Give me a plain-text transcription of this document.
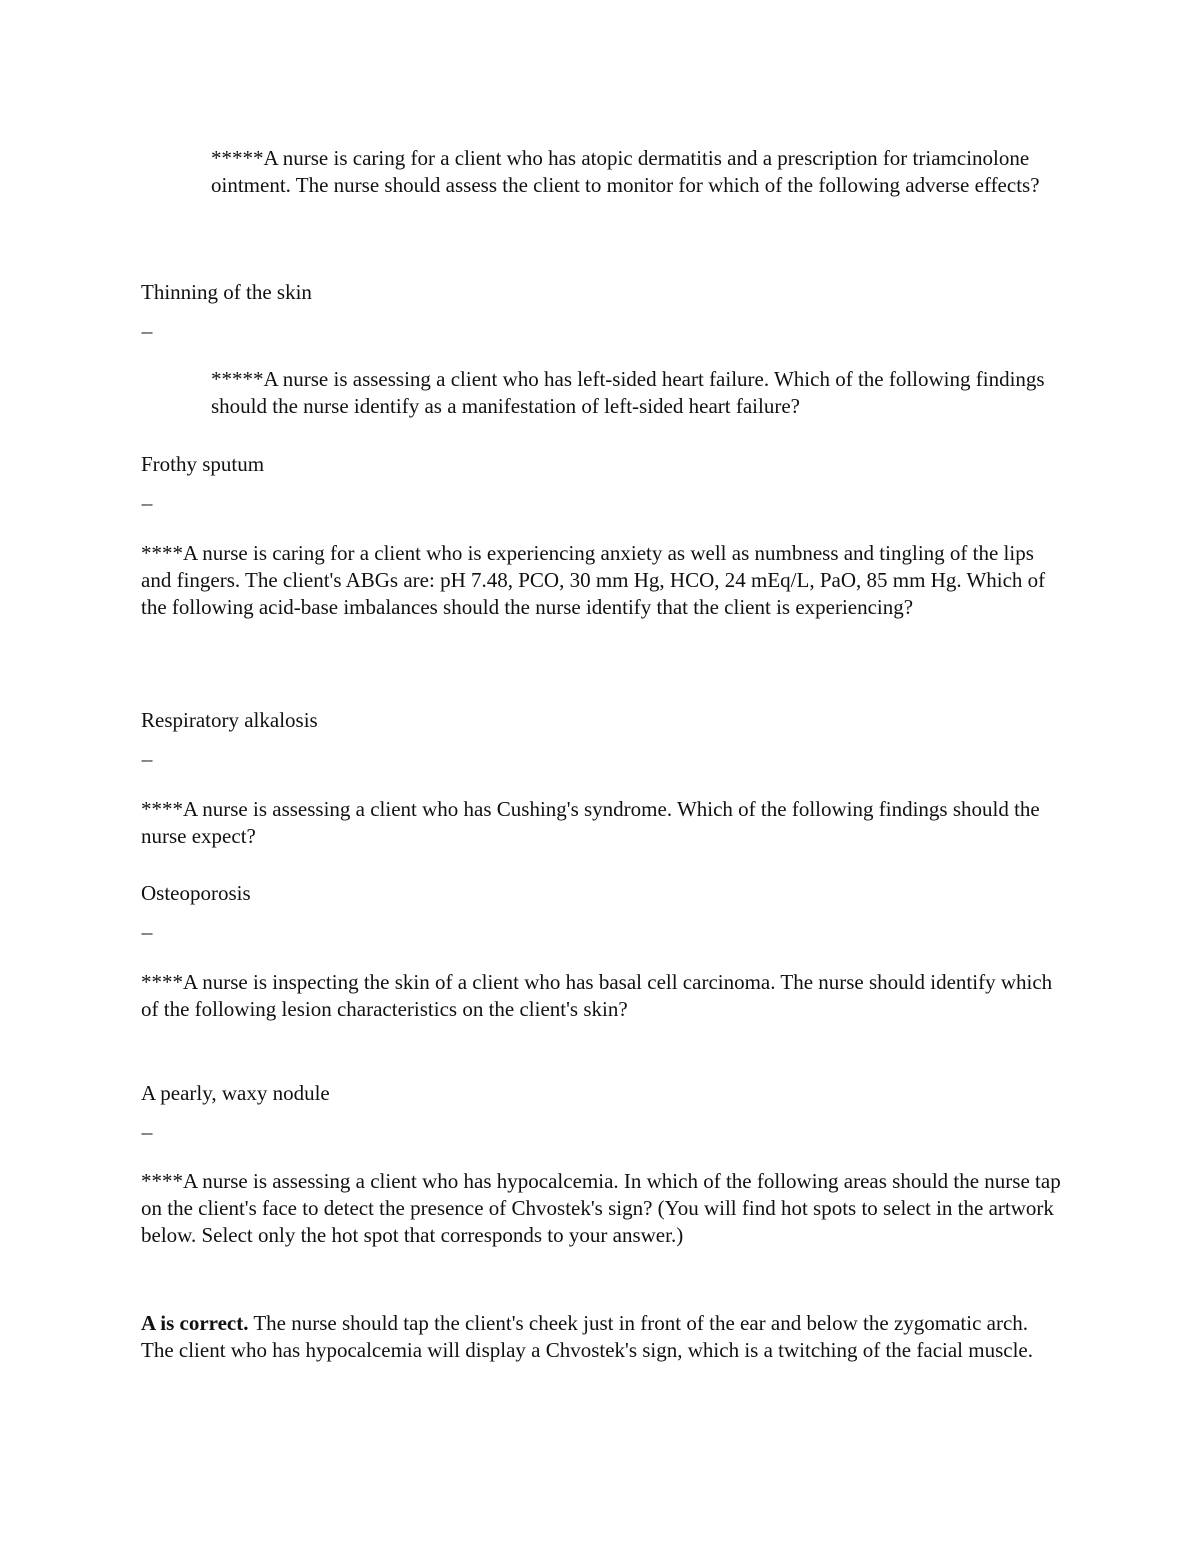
*****A nurse is caring for a client who has atopic dermatitis and a prescription for triamcinolone ointment. The nurse should assess the client to monitor for which of the following adverse effects?

Thinning of the skin

---

*****A nurse is assessing a client who has left-sided heart failure. Which of the following findings should the nurse identify as a manifestation of left-sided heart failure?

Frothy sputum

---

****A nurse is caring for a client who is experiencing anxiety as well as numbness and tingling of the lips and fingers. The client's ABGs are: pH 7.48, PCO, 30 mm Hg, HCO, 24 mEq/L, PaO, 85 mm Hg. Which of the following acid-base imbalances should the nurse identify that the client is experiencing?

Respiratory alkalosis

---

****A nurse is assessing a client who has Cushing's syndrome. Which of the following findings should the nurse expect?

Osteoporosis

---

****A nurse is inspecting the skin of a client who has basal cell carcinoma. The nurse should identify which of the following lesion characteristics on the client's skin?

A pearly, waxy nodule

---

****A nurse is assessing a client who has hypocalcemia. In which of the following areas should the nurse tap on the client's face to detect the presence of Chvostek's sign? (You will find hot spots to select in the artwork below. Select only the hot spot that corresponds to your answer.)

A is correct. The nurse should tap the client's cheek just in front of the ear and below the zygomatic arch. The client who has hypocalcemia will display a Chvostek's sign, which is a twitching of the facial muscle.
